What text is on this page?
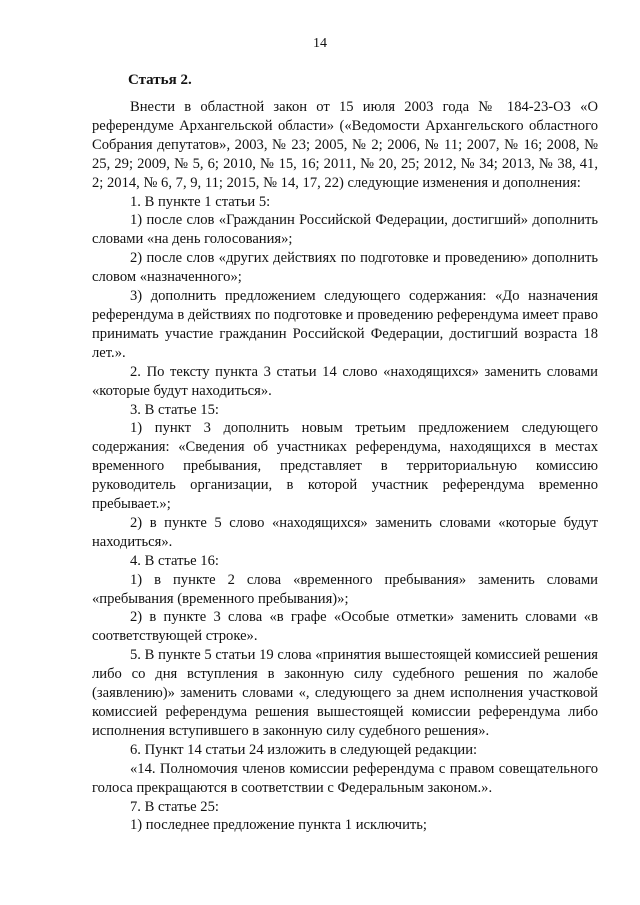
14
Статья 2.

Внести в областной закон от 15 июля 2003 года № 184-23-ОЗ «О референдуме Архангельской области» («Ведомости Архангельского областного Собрания депутатов», 2003, № 23; 2005, № 2; 2006, № 11; 2007, № 16; 2008, № 25, 29; 2009, № 5, 6; 2010, № 15, 16; 2011, № 20, 25; 2012, № 34; 2013, № 38, 41, 2; 2014, № 6, 7, 9, 11; 2015, № 14, 17, 22) следующие изменения и дополнения:

1. В пункте 1 статьи 5:

1) после слов «Гражданин Российской Федерации, достигший» дополнить словами «на день голосования»;

2) после слов «других действиях по подготовке и проведению» дополнить словом «назначенного»;

3) дополнить предложением следующего содержания: «До назначения референдума в действиях по подготовке и проведению референдума имеет право принимать участие гражданин Российской Федерации, достигший возраста 18 лет.».

2. По тексту пункта 3 статьи 14 слово «находящихся» заменить словами «которые будут находиться».

3. В статье 15:

1) пункт 3 дополнить новым третьим предложением следующего содержания: «Сведения об участниках референдума, находящихся в местах временного пребывания, представляет в территориальную комиссию руководитель организации, в которой участник референдума временно пребывает.»;

2) в пункте 5 слово «находящихся» заменить словами «которые будут находиться».

4. В статье 16:

1) в пункте 2 слова «временного пребывания» заменить словами «пребывания (временного пребывания)»;

2) в пункте 3 слова «в графе «Особые отметки» заменить словами «в соответствующей строке».

5. В пункте 5 статьи 19 слова «принятия вышестоящей комиссией решения либо со дня вступления в законную силу судебного решения по жалобе (заявлению)» заменить словами «, следующего за днем исполнения участковой комиссией референдума решения вышестоящей комиссии референдума либо исполнения вступившего в законную силу судебного решения».

6. Пункт 14 статьи 24 изложить в следующей редакции:

«14. Полномочия членов комиссии референдума с правом совещательного голоса прекращаются в соответствии с Федеральным законом.».

7. В статье 25:

1) последнее предложение пункта 1 исключить;
